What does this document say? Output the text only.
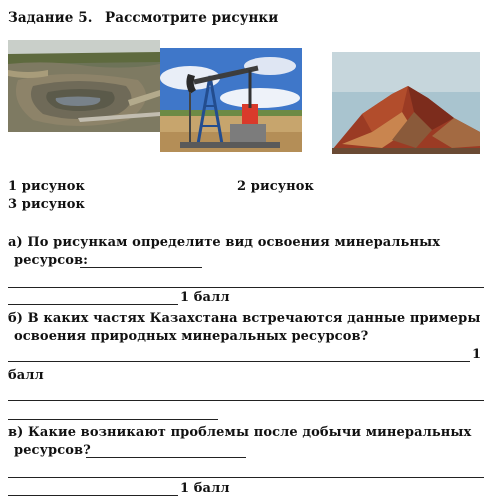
Задание 5. Рассмотрите рисунки
1 рисунок	2 рисунок
3 рисунок
а) По рисункам определите вид освоения минеральных
ресурсов:
1 балл
б) В каких частях Казахстана встречаются данные примеры
освоения природных минеральных ресурсов?
1
балл
в) Какие возникают проблемы после добычи минеральных
ресурсов?
1 балл
